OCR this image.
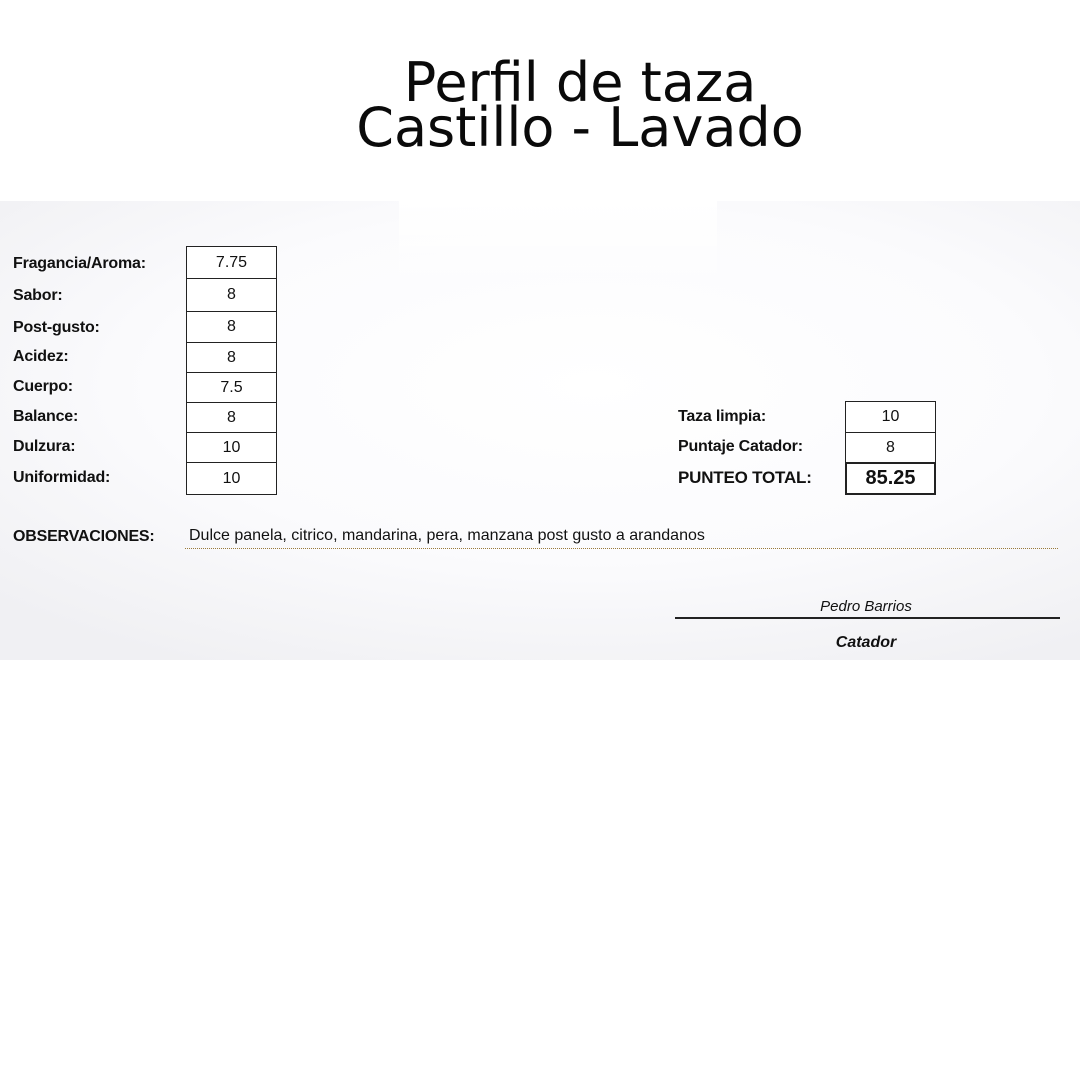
Perfil de taza
Castillo - Lavado
Fragancia/Aroma:	7.75
Sabor:	8
Post-gusto:	8
Acidez:	8
Cuerpo:	7.5
Balance:	8
Dulzura:	10
Uniformidad:	10
Taza limpia:	10
Puntaje Catador:	8
PUNTEO TOTAL:	85.25
OBSERVACIONES: Dulce panela, citrico, mandarina, pera, manzana post gusto a arandanos
Pedro Barrios
Catador
